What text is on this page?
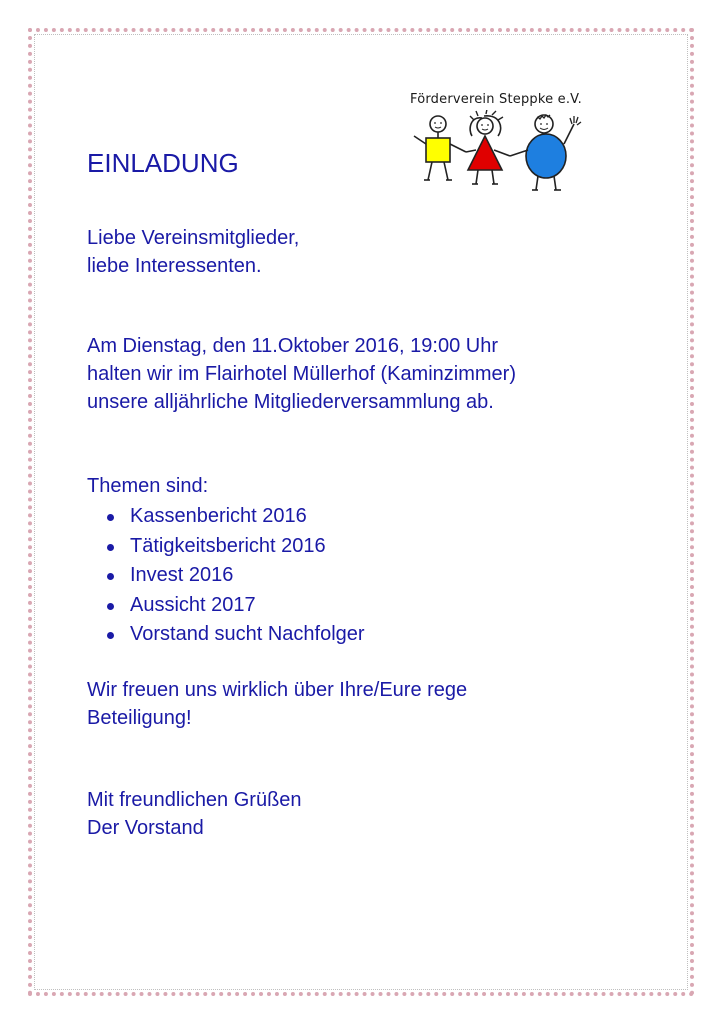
Förderverein Steppke e.V.
EINLADUNG
Liebe Vereinsmitglieder,
liebe Interessenten.
Am Dienstag, den 11.Oktober 2016, 19:00 Uhr
halten wir im Flairhotel Müllerhof (Kaminzimmer)
unsere alljährliche Mitgliederversammlung ab.
Themen sind:
Kassenbericht 2016
Tätigkeitsbericht 2016
Invest 2016
Aussicht 2017
Vorstand sucht Nachfolger
Wir freuen uns wirklich über Ihre/Eure rege
Beteiligung!
Mit freundlichen Grüßen
Der Vorstand
